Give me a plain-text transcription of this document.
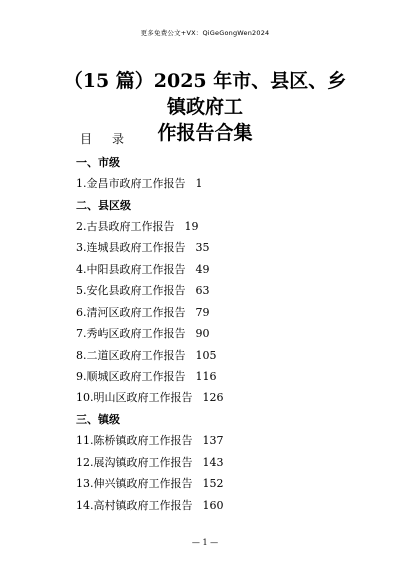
更多免费公文+VX：QiGeGongWen2024
（15 篇）2025 年市、县区、乡镇政府工
作报告合集
目　录
一、市级
1.金昌市政府工作报告 1
二、县区级
2.古县政府工作报告 19
3.连城县政府工作报告 35
4.中阳县政府工作报告 49
5.安化县政府工作报告 63
6.清河区政府工作报告 79
7.秀屿区政府工作报告 90
8.二道区政府工作报告 105
9.顺城区政府工作报告 116
10.明山区政府工作报告 126
三、镇级
11.陈桥镇政府工作报告 137
12.展沟镇政府工作报告 143
13.伸兴镇政府工作报告 152
14.高村镇政府工作报告 160
— 1 —
